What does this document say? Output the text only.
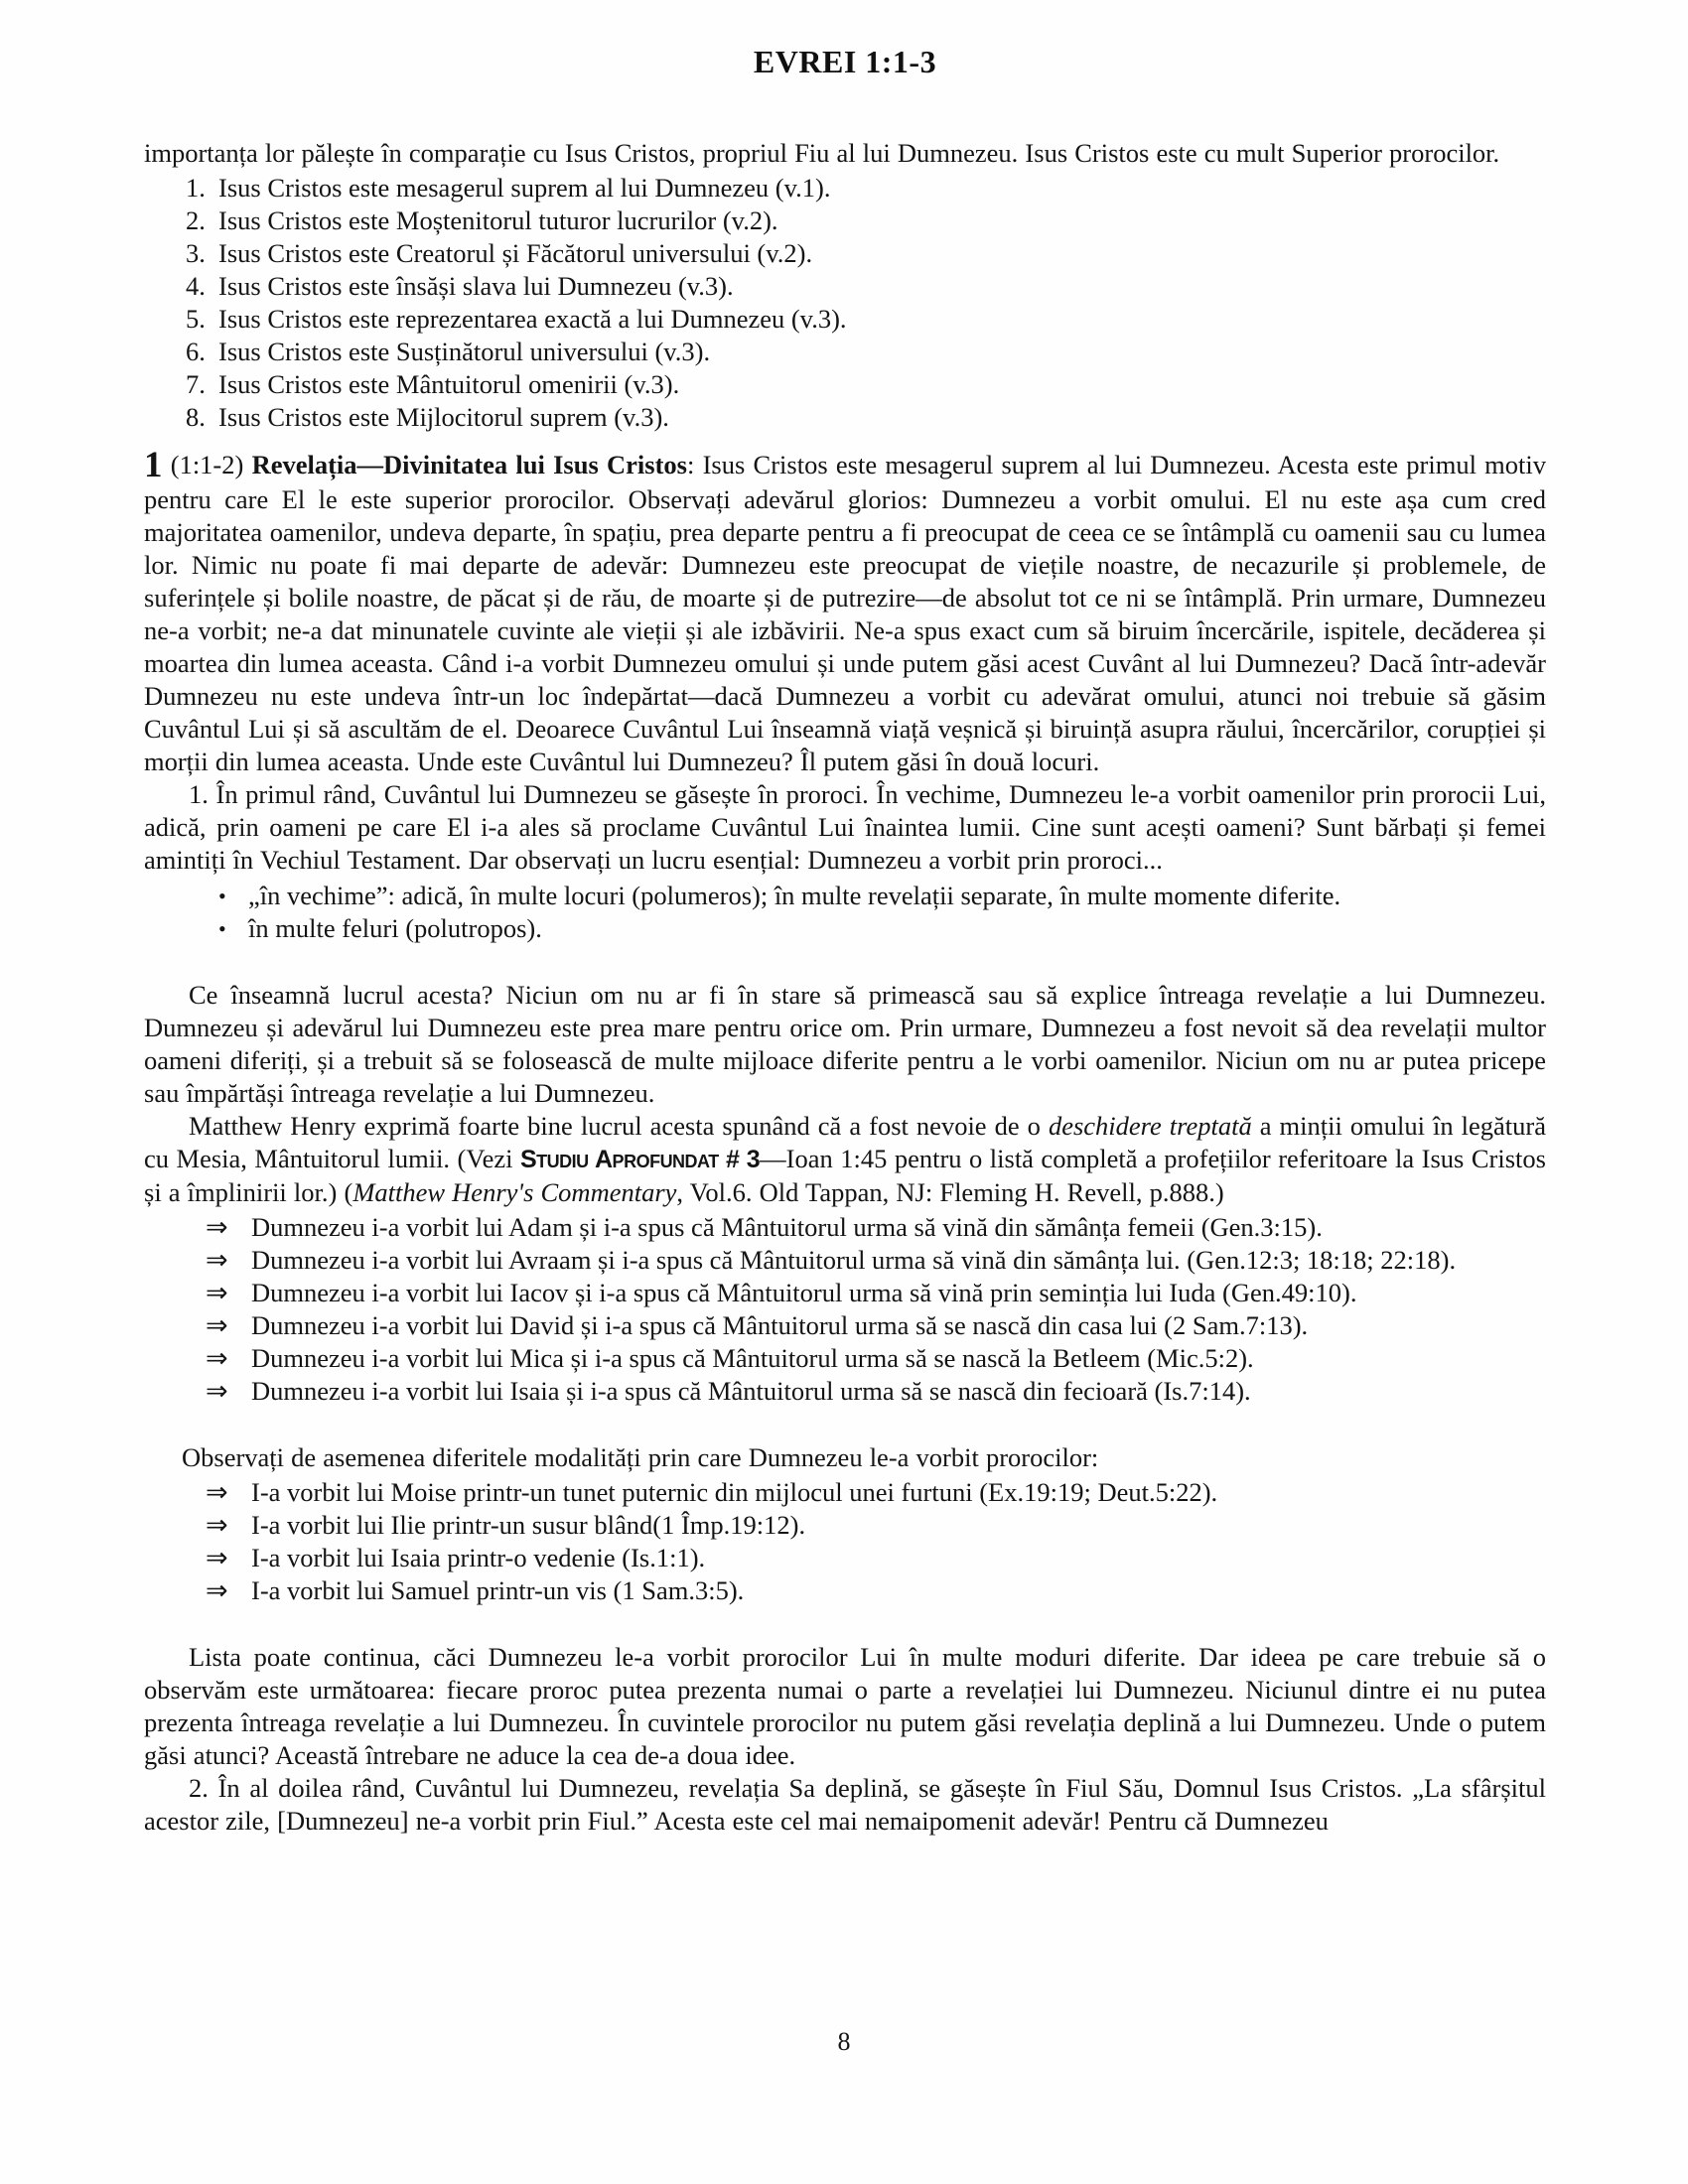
EVREI 1:1-3

importanța lor pălește în comparație cu Isus Cristos, propriul Fiu al lui Dumnezeu. Isus Cristos este cu mult Superior prorocilor.

1. Isus Cristos este mesagerul suprem al lui Dumnezeu (v.1).
2. Isus Cristos este Moștenitorul tuturor lucrurilor (v.2).
3. Isus Cristos este Creatorul și Făcătorul universului (v.2).
4. Isus Cristos este însăși slava lui Dumnezeu (v.3).
5. Isus Cristos este reprezentarea exactă a lui Dumnezeu (v.3).
6. Isus Cristos este Susținătorul universului (v.3).
7. Isus Cristos este Mântuitorul omenirii (v.3).
8. Isus Cristos este Mijlocitorul suprem (v.3).

1 (1:1-2) Revelația—Divinitatea lui Isus Cristos: Isus Cristos este mesagerul suprem al lui Dumnezeu. Acesta este primul motiv pentru care El le este superior prorocilor. Observați adevărul glorios: Dumnezeu a vorbit omului. El nu este așa cum cred majoritatea oamenilor, undeva departe, în spațiu, prea departe pentru a fi preocupat de ceea ce se întâmplă cu oamenii sau cu lumea lor. Nimic nu poate fi mai departe de adevăr: Dumnezeu este preocupat de viețile noastre, de necazurile și problemele, de suferințele și bolile noastre, de păcat și de rău, de moarte și de putrezire—de absolut tot ce ni se întâmplă. Prin urmare, Dumnezeu ne-a vorbit; ne-a dat minunatele cuvinte ale vieții și ale izbăvirii. Ne-a spus exact cum să biruim încercările, ispitele, decăderea și moartea din lumea aceasta. Când i-a vorbit Dumnezeu omului și unde putem găsi acest Cuvânt al lui Dumnezeu? Dacă într-adevăr Dumnezeu nu este undeva într-un loc îndepărtat—dacă Dumnezeu a vorbit cu adevărat omului, atunci noi trebuie să găsim Cuvântul Lui și să ascultăm de el. Deoarece Cuvântul Lui înseamnă viață veșnică și biruință asupra răului, încercărilor, corupției și morții din lumea aceasta. Unde este Cuvântul lui Dumnezeu? Îl putem găsi în două locuri.

1. În primul rând, Cuvântul lui Dumnezeu se găsește în proroci. În vechime, Dumnezeu le-a vorbit oamenilor prin prorocii Lui, adică, prin oameni pe care El i-a ales să proclame Cuvântul Lui înaintea lumii. Cine sunt acești oameni? Sunt bărbați și femei amintiți în Vechiul Testament. Dar observați un lucru esențial: Dumnezeu a vorbit prin proroci...

• „în vechime”: adică, în multe locuri (polumeros); în multe revelații separate, în multe momente diferite.
• în multe feluri (polutropos).

Ce înseamnă lucrul acesta? Niciun om nu ar fi în stare să primească sau să explice întreaga revelație a lui Dumnezeu. Dumnezeu și adevărul lui Dumnezeu este prea mare pentru orice om. Prin urmare, Dumnezeu a fost nevoit să dea revelații multor oameni diferiți, și a trebuit să se folosească de multe mijloace diferite pentru a le vorbi oamenilor. Niciun om nu ar putea pricepe sau împărtăși întreaga revelație a lui Dumnezeu.

Matthew Henry exprimă foarte bine lucrul acesta spunând că a fost nevoie de o deschidere treptată a minții omului în legătură cu Mesia, Mântuitorul lumii. (Vezi Studiu Aprofundat # 3—Ioan 1:45 pentru o listă completă a profețiilor referitoare la Isus Cristos și a împlinirii lor.) (Matthew Henry's Commentary, Vol.6. Old Tappan, NJ: Fleming H. Revell, p.888.)

⇒ Dumnezeu i-a vorbit lui Adam și i-a spus că Mântuitorul urma să vină din sămânța femeii (Gen.3:15).
⇒ Dumnezeu i-a vorbit lui Avraam și i-a spus că Mântuitorul urma să vină din sămânța lui. (Gen.12:3; 18:18; 22:18).
⇒ Dumnezeu i-a vorbit lui Iacov și i-a spus că Mântuitorul urma să vină prin seminția lui Iuda (Gen.49:10).
⇒ Dumnezeu i-a vorbit lui David și i-a spus că Mântuitorul urma să se nască din casa lui (2 Sam.7:13).
⇒ Dumnezeu i-a vorbit lui Mica și i-a spus că Mântuitorul urma să se nască la Betleem (Mic.5:2).
⇒ Dumnezeu i-a vorbit lui Isaia și i-a spus că Mântuitorul urma să se nască din fecioară (Is.7:14).

Observați de asemenea diferitele modalități prin care Dumnezeu le-a vorbit prorocilor:

⇒ I-a vorbit lui Moise printr-un tunet puternic din mijlocul unei furtuni (Ex.19:19; Deut.5:22).
⇒ I-a vorbit lui Ilie printr-un susur blând(1 Împ.19:12).
⇒ I-a vorbit lui Isaia printr-o vedenie (Is.1:1).
⇒ I-a vorbit lui Samuel printr-un vis (1 Sam.3:5).

Lista poate continua, căci Dumnezeu le-a vorbit prorocilor Lui în multe moduri diferite. Dar ideea pe care trebuie să o observăm este următoarea: fiecare proroc putea prezenta numai o parte a revelației lui Dumnezeu. Niciunul dintre ei nu putea prezenta întreaga revelație a lui Dumnezeu. În cuvintele prorocilor nu putem găsi revelația deplină a lui Dumnezeu. Unde o putem găsi atunci? Această întrebare ne aduce la cea de-a doua idee.

2. În al doilea rând, Cuvântul lui Dumnezeu, revelația Sa deplină, se găsește în Fiul Său, Domnul Isus Cristos. „La sfârșitul acestor zile, [Dumnezeu] ne-a vorbit prin Fiul.” Acesta este cel mai nemaipomenit adevăr! Pentru că Dumnezeu

8
